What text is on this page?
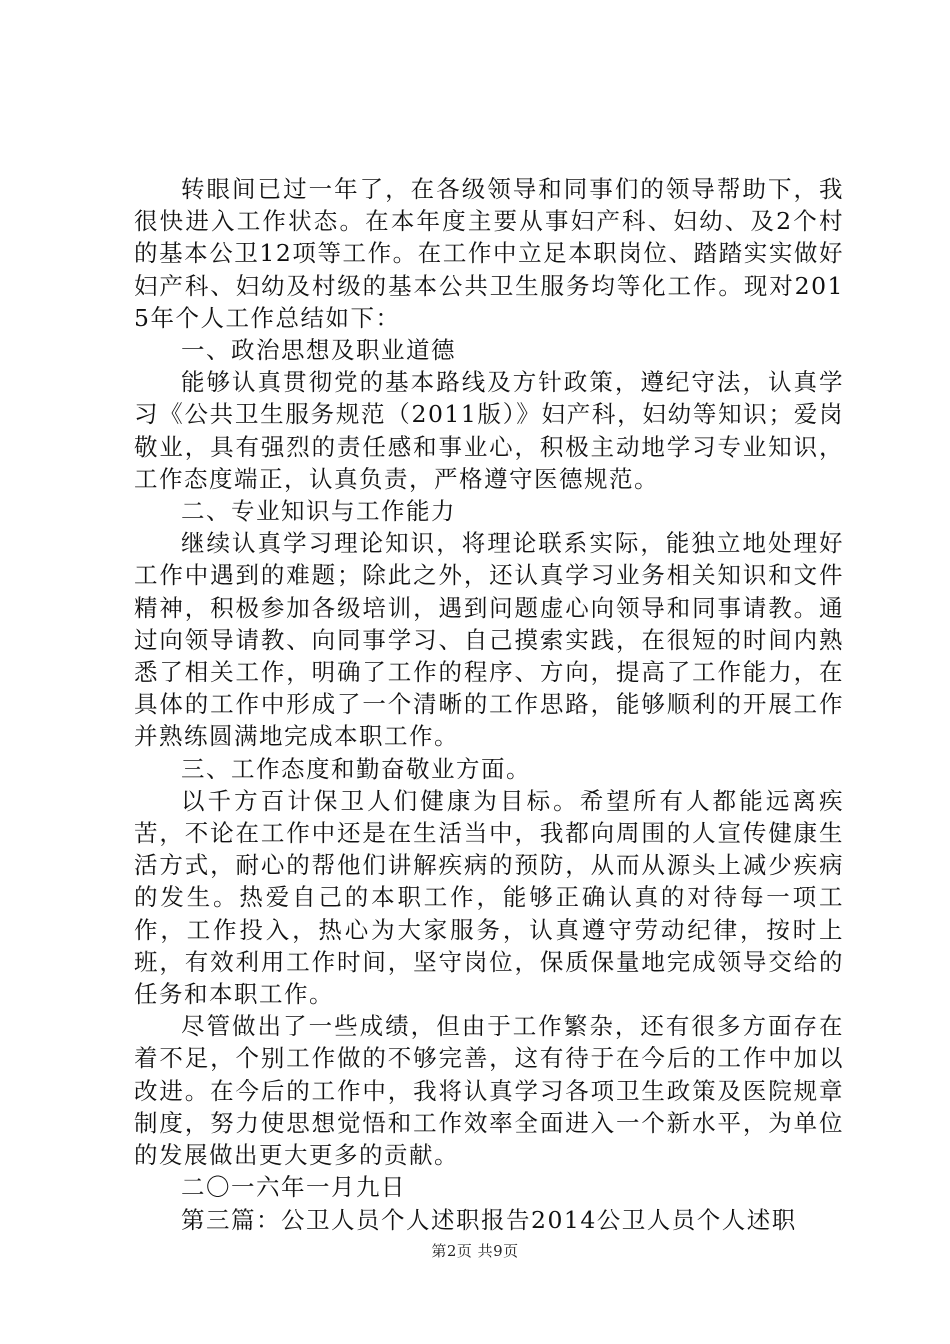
转眼间已过一年了，在各级领导和同事们的领导帮助下，我很快进入工作状态。在本年度主要从事妇产科、妇幼、及2个村的基本公卫12项等工作。在工作中立足本职岗位、踏踏实实做好妇产科、妇幼及村级的基本公共卫生服务均等化工作。现对2015年个人工作总结如下：

一、政治思想及职业道德

能够认真贯彻党的基本路线及方针政策，遵纪守法，认真学习《公共卫生服务规范（2011版）》妇产科，妇幼等知识；爱岗敬业，具有强烈的责任感和事业心，积极主动地学习专业知识，工作态度端正，认真负责，严格遵守医德规范。

二、专业知识与工作能力

继续认真学习理论知识，将理论联系实际，能独立地处理好工作中遇到的难题；除此之外，还认真学习业务相关知识和文件精神，积极参加各级培训，遇到问题虚心向领导和同事请教。通过向领导请教、向同事学习、自己摸索实践，在很短的时间内熟悉了相关工作，明确了工作的程序、方向，提高了工作能力，在具体的工作中形成了一个清晰的工作思路，能够顺利的开展工作并熟练圆满地完成本职工作。

三、工作态度和勤奋敬业方面。

以千方百计保卫人们健康为目标。希望所有人都能远离疾苦，不论在工作中还是在生活当中，我都向周围的人宣传健康生活方式，耐心的帮他们讲解疾病的预防，从而从源头上减少疾病的发生。热爱自己的本职工作，能够正确认真的对待每一项工作，工作投入，热心为大家服务，认真遵守劳动纪律，按时上班，有效利用工作时间，坚守岗位，保质保量地完成领导交给的任务和本职工作。

尽管做出了一些成绩，但由于工作繁杂，还有很多方面存在着不足，个别工作做的不够完善，这有待于在今后的工作中加以改进。在今后的工作中，我将认真学习各项卫生政策及医院规章制度，努力使思想觉悟和工作效率全面进入一个新水平，为单位的发展做出更大更多的贡献。

二〇一六年一月九日

第三篇：公卫人员个人述职报告2014公卫人员个人述职

第2页 共9页
